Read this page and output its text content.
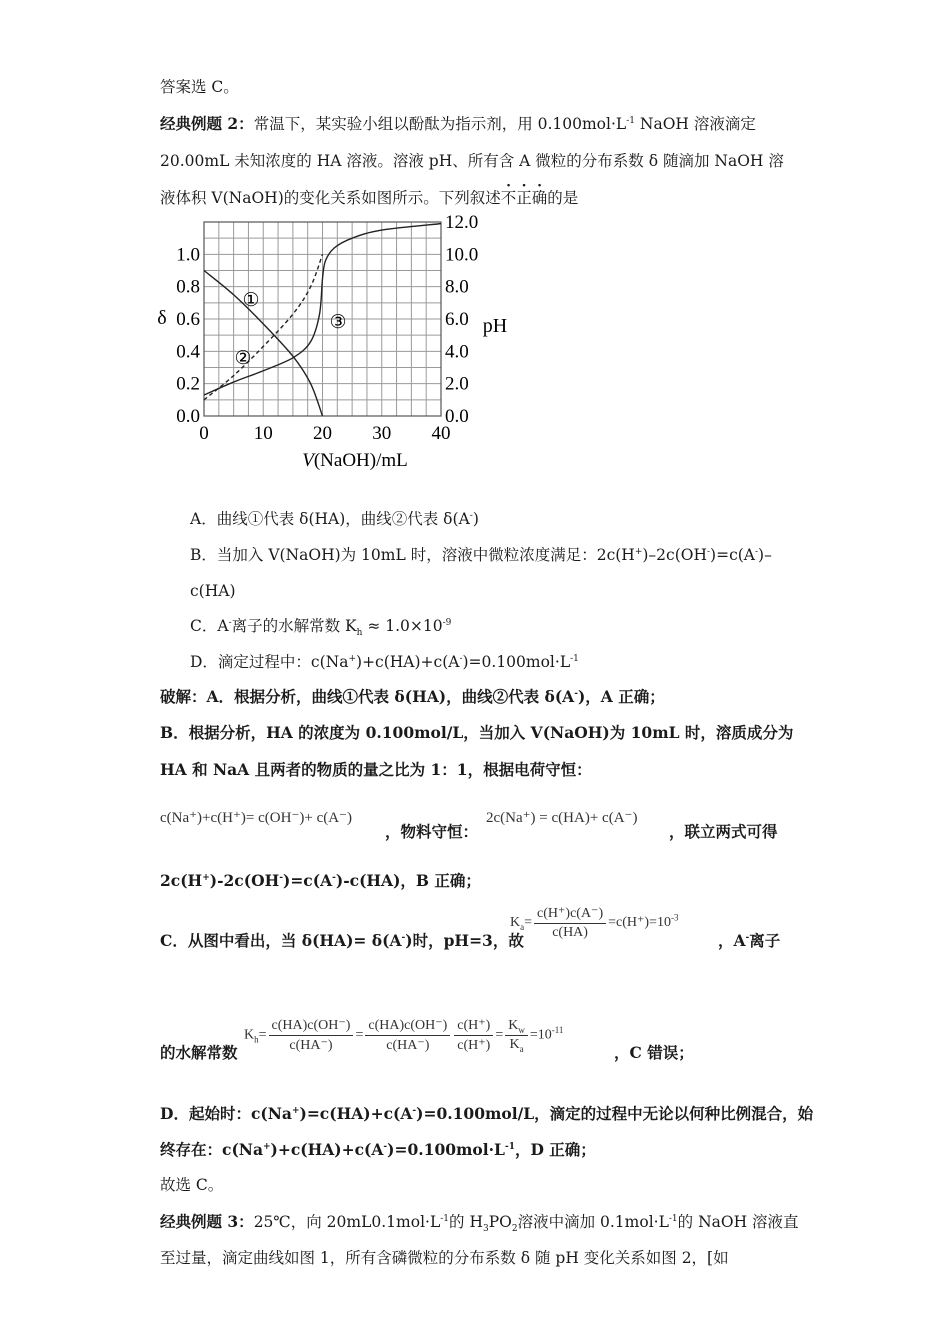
答案选 C。
经典例题 2：常温下，某实验小组以酚酞为指示剂，用 $0.100mol\cdot L^{-1}$ NaOH 溶液滴定
20.00mL 未知浓度的 HA 溶液。溶液 pH、所有含 A 微粒的分布系数 δ 随滴加 NaOH 溶
液体积 V(NaOH)的变化关系如图所示。下列叙述不正确的是
0 10 20 30 40
0.0
0.2
0.4
0.6
0.8
1.0
0.0
2.0
4.0
6.0
8.0
10.0
12.0
δ	pH
V(NaOH)/mL
①
②
③
A．曲线①代表 δ(HA)，曲线②代表 δ(A-)
B．当加入 V(NaOH)为 10mL 时，溶液中微粒浓度满足：2c(H+)–2c(OH-)=c(A-)–
c(HA)
C．A-离子的水解常数 $K_h \approx 1.0\times 10^{-9}$
D．滴定过程中：$c(Na^+)+c(HA)+c(A^-)=0.100mol\cdot L^{-1}$
破解：A．根据分析，曲线①代表 δ(HA)，曲线②代表 δ(A-)，A 正确；
B．根据分析，HA 的浓度为 0.100mol/L，当加入 V(NaOH)为 10mL 时，溶质成分为
HA 和 NaA 且两者的物质的量之比为 1：1，根据电荷守恒：
c(Na⁺)+c(H⁺)= c(OH⁻)+ c(A⁻)
，物料守恒：
2c(Na⁺) = c(HA)+ c(A⁻)
，联立两式可得
2c(H+)-2c(OH-)=c(A-)-c(HA)，B 正确；
C．从图中看出，当 δ(HA)= δ(A-)时，pH=3，故
$K_a= \frac{c(H^+)c(A^-)}{c(HA)} =c(H^+)=10^{-3}$
，A-离子
的水解常数
$K_h= \frac{c(HA)c(OH^-)}{c(HA^-)} = \frac{c(HA)c(OH^-)}{c(HA^-)} \frac{c(H^+)}{c(H^+)} = \frac{K_w}{K_a} =10^{-11}$
，C 错误；
D．起始时：c(Na+)=c(HA)+c(A-)=0.100mol/L，滴定的过程中无论以何种比例混合，始
终存在：$c(Na^+)+c(HA)+c(A^-)=0.100mol\cdot L^{-1}$，D 正确；
故选 C。
经典例题 3：25℃，向 $20mL0.1mol\cdot L^{-1}$的 $H_3PO_2$溶液中滴加 $0.1mol\cdot L^{-1}$的 NaOH 溶液直
至过量，滴定曲线如图 1，所有含磷微粒的分布系数 δ 随 pH 变化关系如图 2，[如
